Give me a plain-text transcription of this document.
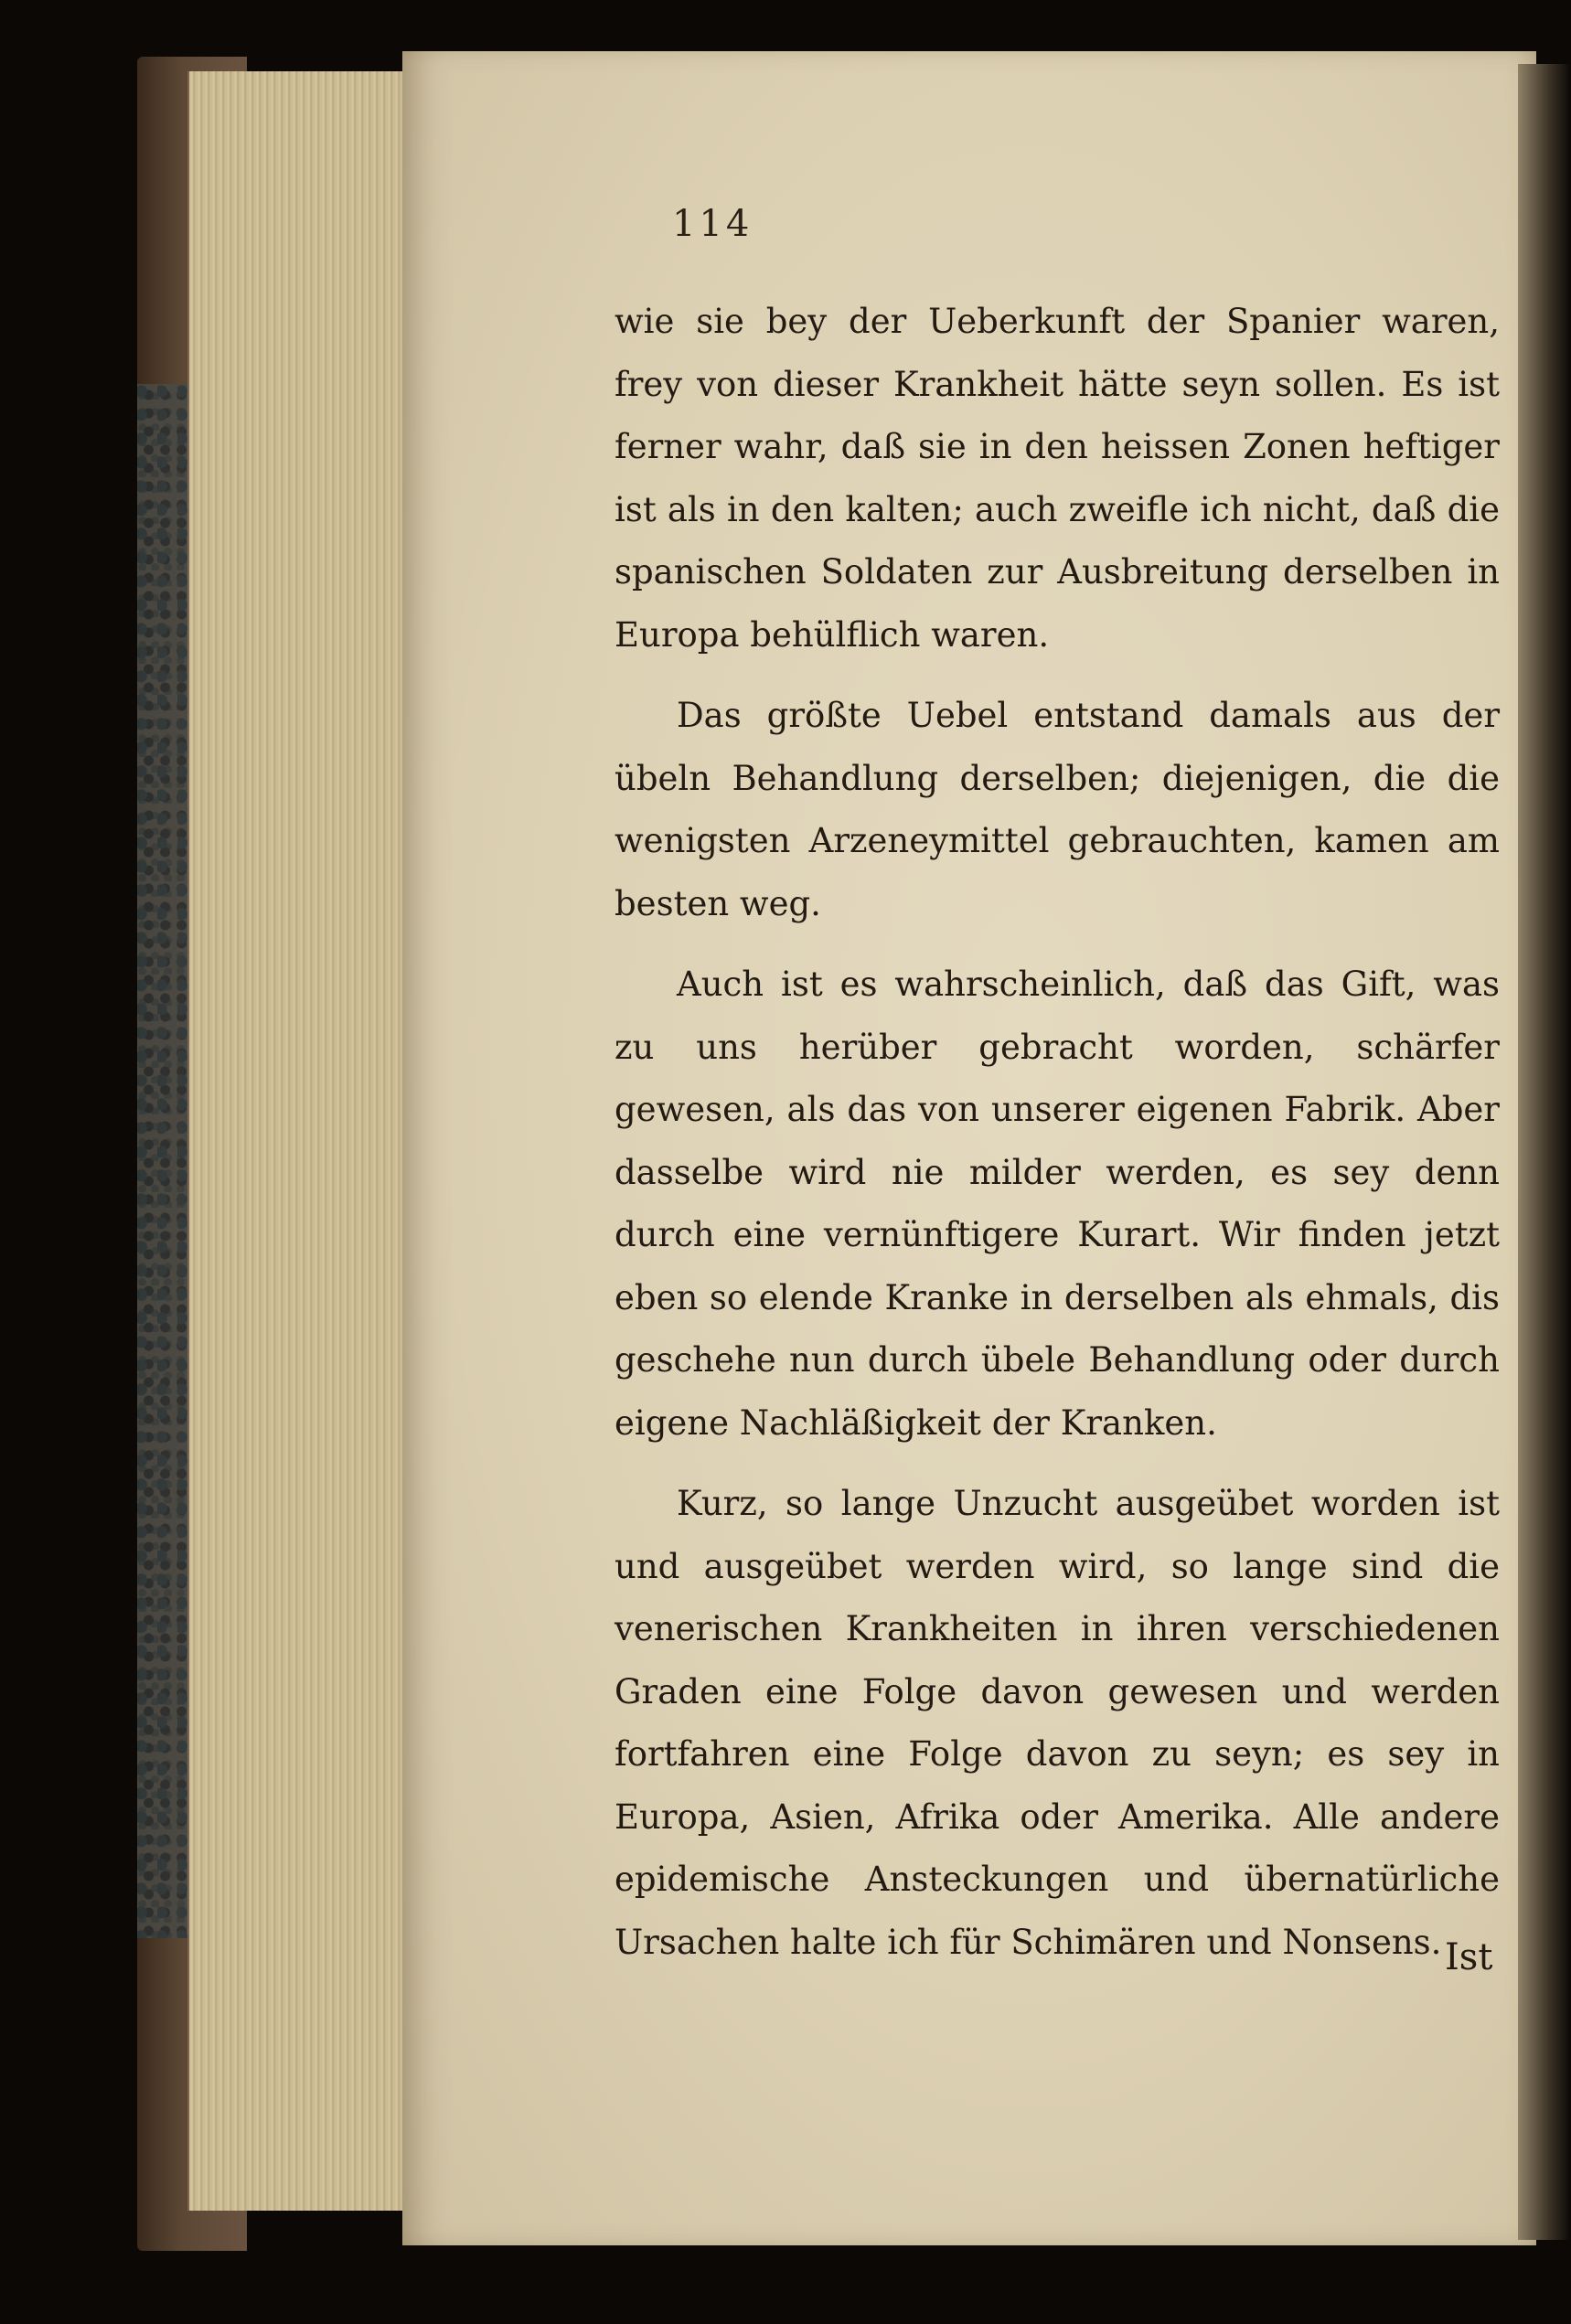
114

wie sie bey der Ueberkunft der Spanier waren, frey von dieser Krankheit hätte seyn sollen. Es ist ferner wahr, daß sie in den heissen Zonen heftiger ist als in den kalten; auch zweifle ich nicht, daß die spanischen Soldaten zur Ausbreitung derselben in Europa behülflich waren.

Das größte Uebel entstand damals aus der übeln Behandlung derselben; diejenigen, die die wenigsten Arzeneymittel gebrauchten, kamen am besten weg.

Auch ist es wahrscheinlich, daß das Gift, was zu uns herüber gebracht worden, schärfer gewesen, als das von unserer eigenen Fabrik. Aber dasselbe wird nie milder werden, es sey denn durch eine vernünftigere Kurart. Wir finden jetzt eben so elende Kranke in derselben als ehmals, dis geschehe nun durch übele Behandlung oder durch eigene Nachläßigkeit der Kranken.

Kurz, so lange Unzucht ausgeübet worden ist und ausgeübet werden wird, so lange sind die venerischen Krankheiten in ihren verschiedenen Graden eine Folge davon gewesen und werden fortfahren eine Folge davon zu seyn; es sey in Europa, Asien, Afrika oder Amerika. Alle andere epidemische Ansteckungen und übernatürliche Ursachen halte ich für Schimären und Nonsens. Ist
